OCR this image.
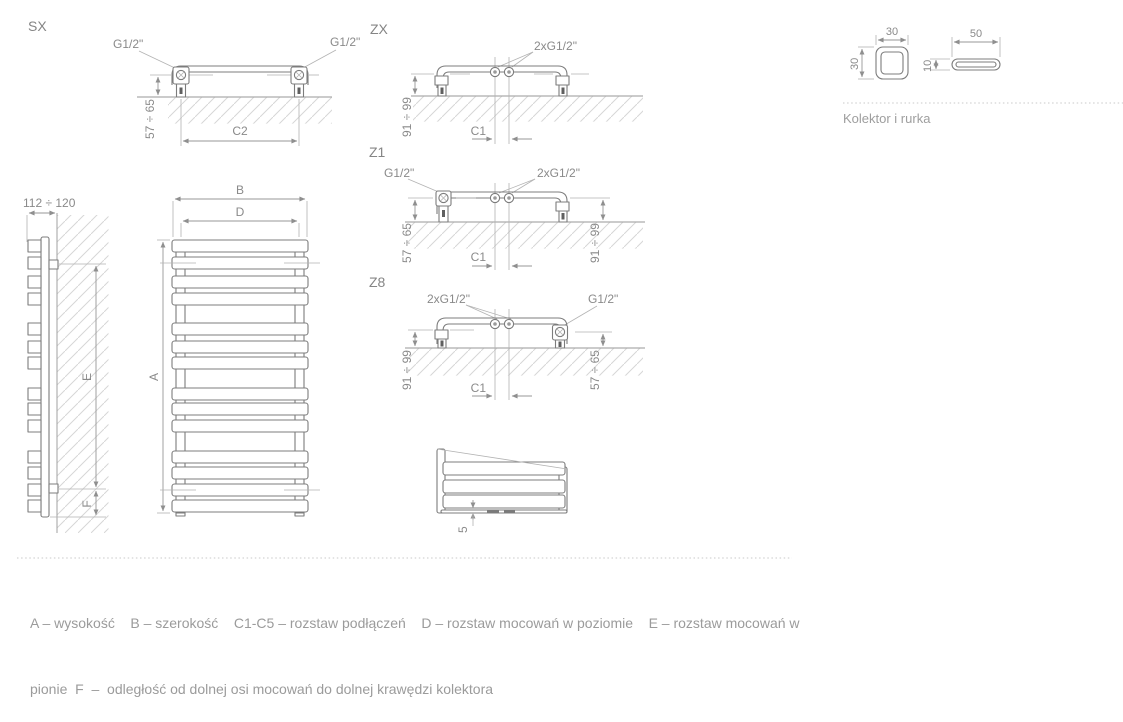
SX
G1/2"	G1/2"
57 ÷ 65	C2
ZX
2xG1/2"
91 ÷ 99	C1
Z1
G1/2"	2xG1/2"
57 ÷ 65	91 ÷ 99
C1
Z8
2xG1/2"	G1/2"
91 ÷ 99	57 ÷ 65
C1
30
30
50
10
Kolektor i rurka
112 ÷ 120
E
F
B
D
A
5

A – wysokość    B – szerokość    C1-C5 – rozstaw podłączeń    D – rozstaw mocowań w poziomie    E – rozstaw mocowań w

pionie  F  –  odległość od dolnej osi mocowań do dolnej krawędzi kolektora
